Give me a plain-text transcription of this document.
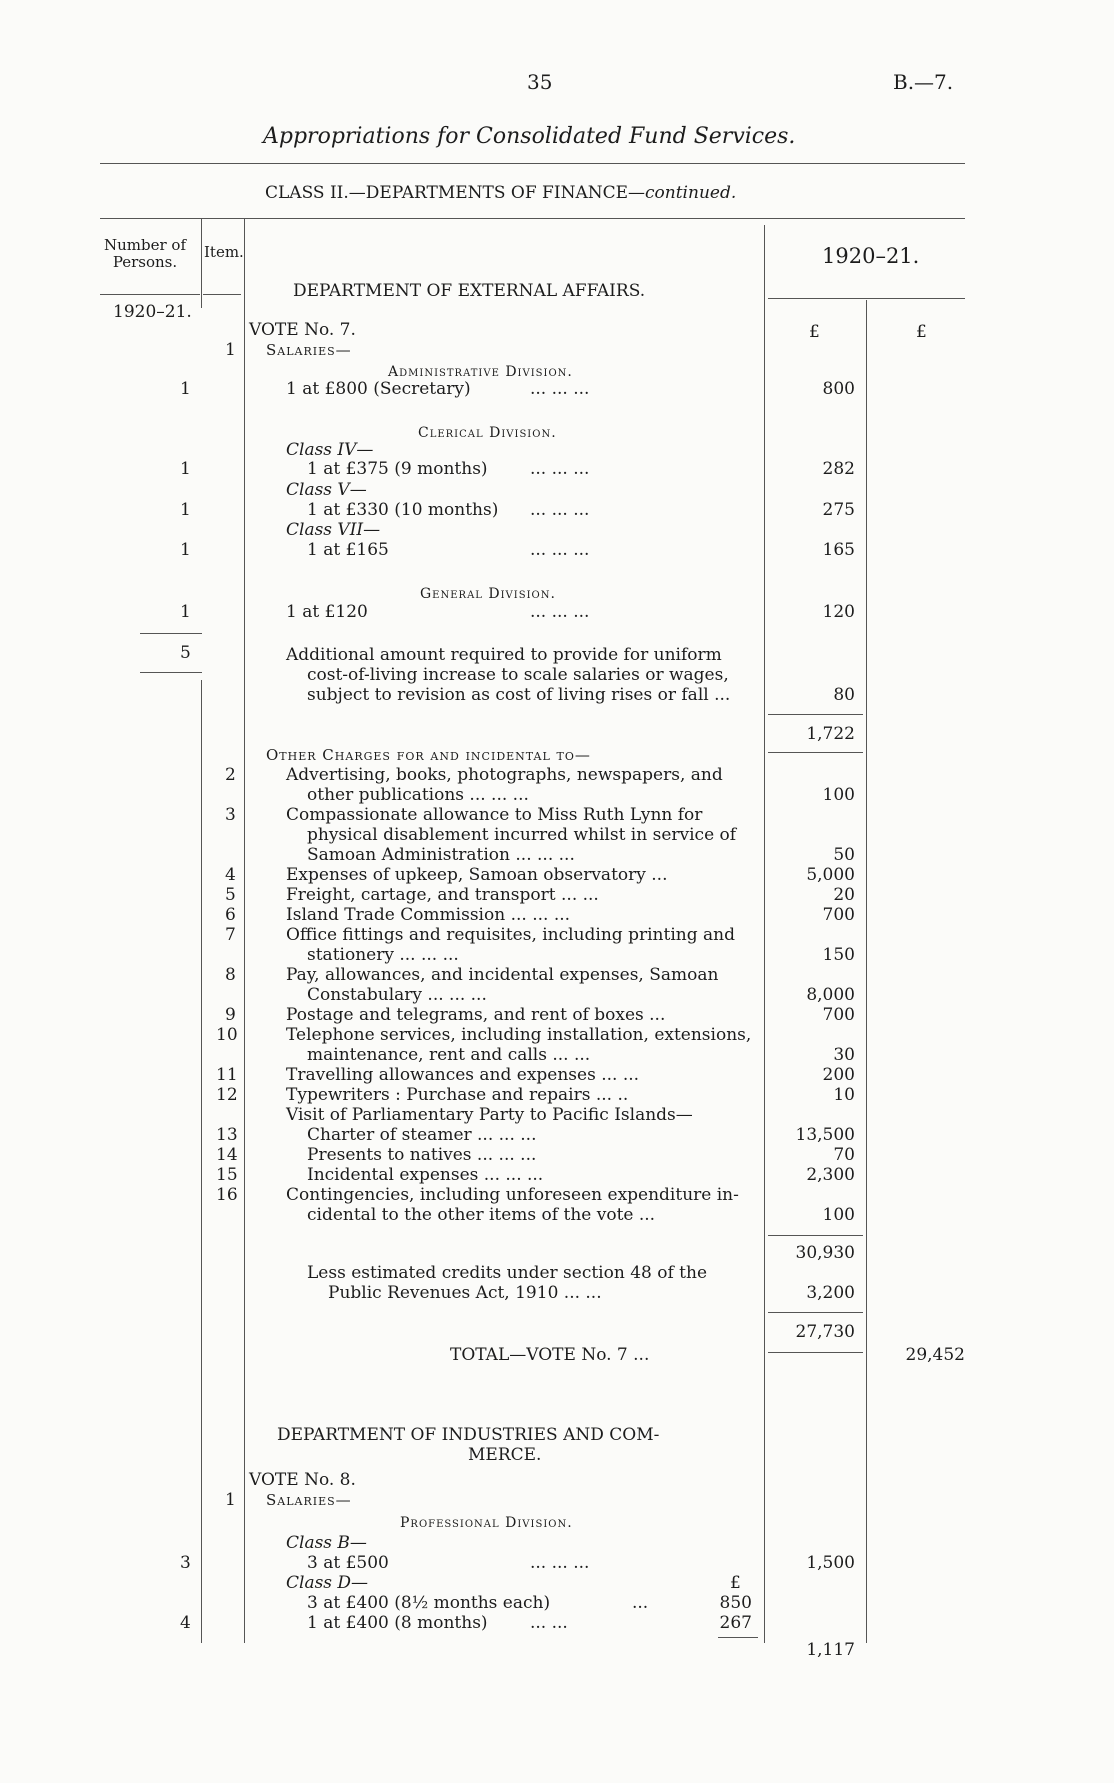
35	B.—7.
Appropriations for Consolidated Fund Services.
CLASS II.—DEPARTMENTS OF FINANCE—continued.
Number of Persons.
Item.	1920–21.
1920–21.
£	£
DEPARTMENT OF EXTERNAL AFFAIRS.
VOTE No. 7.
1 Salaries—
Administrative Division.
1	1 at £800 (Secretary)	... ... ...	800
Clerical Division.
Class IV—
1	1 at £375 (9 months) ... ... ...	282
Class V—
1	1 at £330 (10 months) ... ... ...	275
Class VII—
1	1 at £165	... ... ...	165
General Division.
1	1 at £120	... ... ...	120
5	Additional amount required to provide for uniform
cost-of-living increase to scale salaries or wages,
subject to revision as cost of living rises or fall ...	80
1,722
Other Charges for and incidental to—
2	Advertising, books, photographs, newspapers, and
other publications ... ... ...	100
3	Compassionate allowance to Miss Ruth Lynn for
physical disablement incurred whilst in service of
Samoan Administration ... ... ...	50
4	Expenses of upkeep, Samoan observatory ...	5,000
5	Freight, cartage, and transport ... ...	20
6	Island Trade Commission ... ... ...	700
7	Office fittings and requisites, including printing and
stationery ... ... ...	150
8	Pay, allowances, and incidental expenses, Samoan
Constabulary ... ... ...	8,000
9	Postage and telegrams, and rent of boxes ...	700
10	Telephone services, including installation, extensions,
maintenance, rent and calls ... ...	30
11	Travelling allowances and expenses ... ...	200
12	Typewriters : Purchase and repairs ... ..	10
Visit of Parliamentary Party to Pacific Islands—
13	Charter of steamer ... ... ...	13,500
14	Presents to natives ... ... ...	70
15	Incidental expenses ... ... ...	2,300
16	Contingencies, including unforeseen expenditure in-
cidental to the other items of the vote ...	100
30,930
Less estimated credits under section 48 of the
Public Revenues Act, 1910 ... ...	3,200
27,730
TOTAL—VOTE No. 7 ...	29,452
DEPARTMENT OF INDUSTRIES AND COM-
MERCE.
VOTE No. 8.
1 Salaries—
Professional Division.
Class B—
3	3 at £500	... ... ...	1,500
Class D—	£
3 at £400 (8½ months each)	...	850
4	1 at £400 (8 months) ... ...	267
1,117
